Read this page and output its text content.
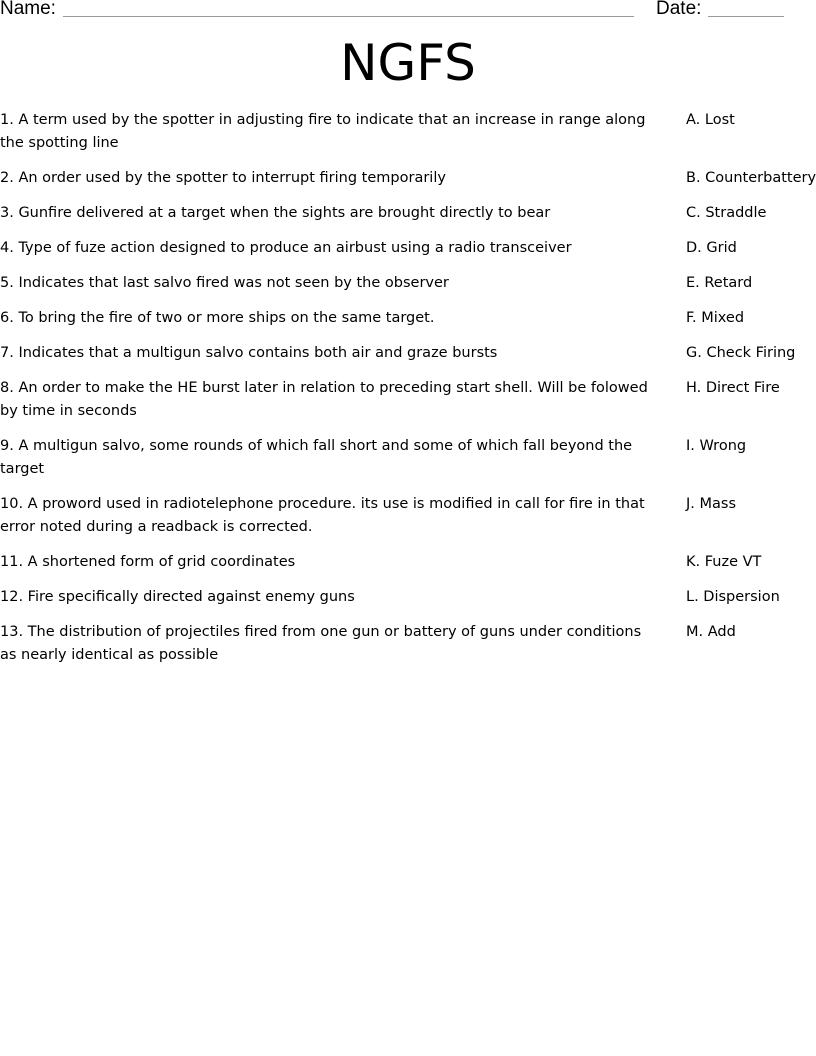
Name:	Date:
NGFS
1. A term used by the spotter in adjusting fire to indicate that an increase in range along the spotting line
A. Lost
2. An order used by the spotter to interrupt firing temporarily	B. Counterbattery
3. Gunfire delivered at a target when the sights are brought directly to bear	C. Straddle
4. Type of fuze action designed to produce an airbust using a radio transceiver	D. Grid
5. Indicates that last salvo fired was not seen by the observer	E. Retard
6. To bring the fire of two or more ships on the same target.	F. Mixed
7. Indicates that a multigun salvo contains both air and graze bursts	G. Check Firing
8. An order to make the HE burst later in relation to preceding start shell. Will be folowed by time in seconds
H. Direct Fire
9. A multigun salvo, some rounds of which fall short and some of which fall beyond the target
I. Wrong
10. A proword used in radiotelephone procedure. its use is modified in call for fire in that error noted during a readback is corrected.
J. Mass
11. A shortened form of grid coordinates	K. Fuze VT
12. Fire specifically directed against enemy guns	L. Dispersion
13. The distribution of projectiles fired from one gun or battery of guns under conditions as nearly identical as possible
M. Add
